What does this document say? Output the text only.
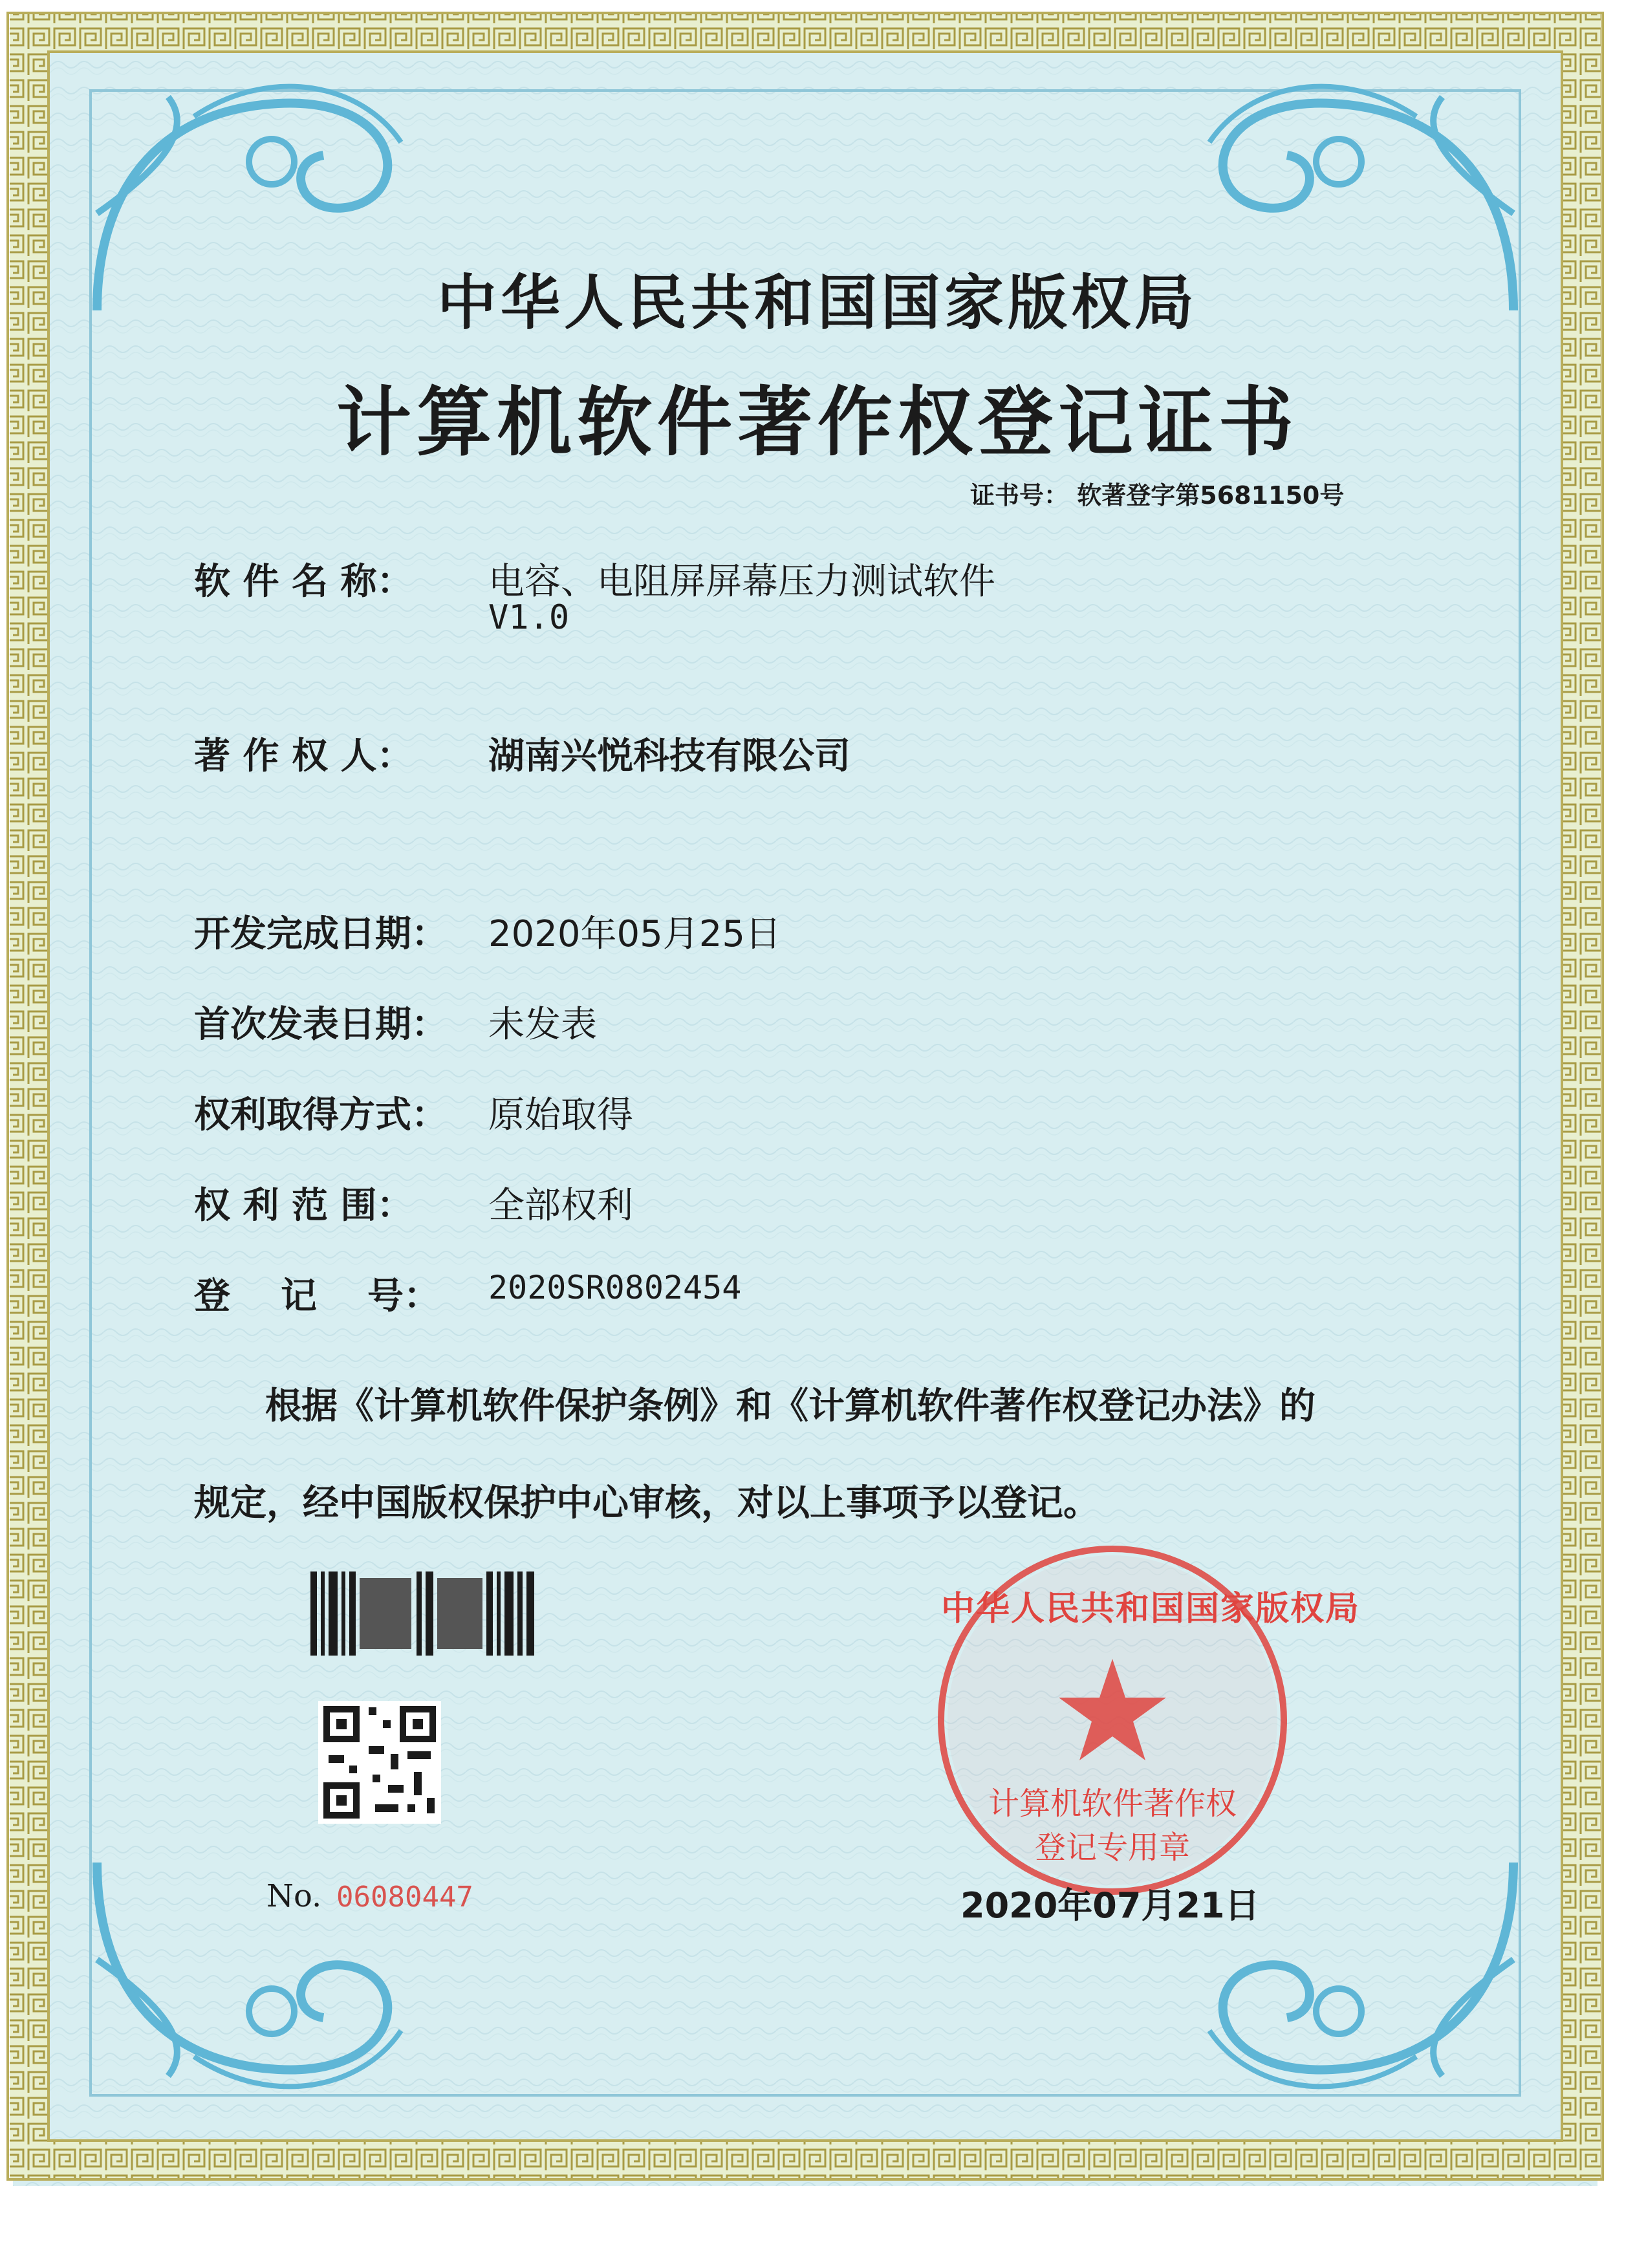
中华人民共和国国家版权局
计算机软件著作权登记证书
证书号： 软著登字第5681150号
软 件 名 称： 电容、电阻屏屏幕压力测试软件
V1.0
著 作 权 人： 湖南兴悦科技有限公司
开发完成日期： 2020年05月25日
首次发表日期： 未发表
权利取得方式： 原始取得
权 利 范 围： 全部权利
登    记    号： 2020SR0802454
根据《计算机软件保护条例》和《计算机软件著作权登记办法》的
规定，经中国版权保护中心审核，对以上事项予以登记。
中华人民共和国国家版权局
计算机软件著作权
登记专用章
No. 06080447	2020年07月21日
